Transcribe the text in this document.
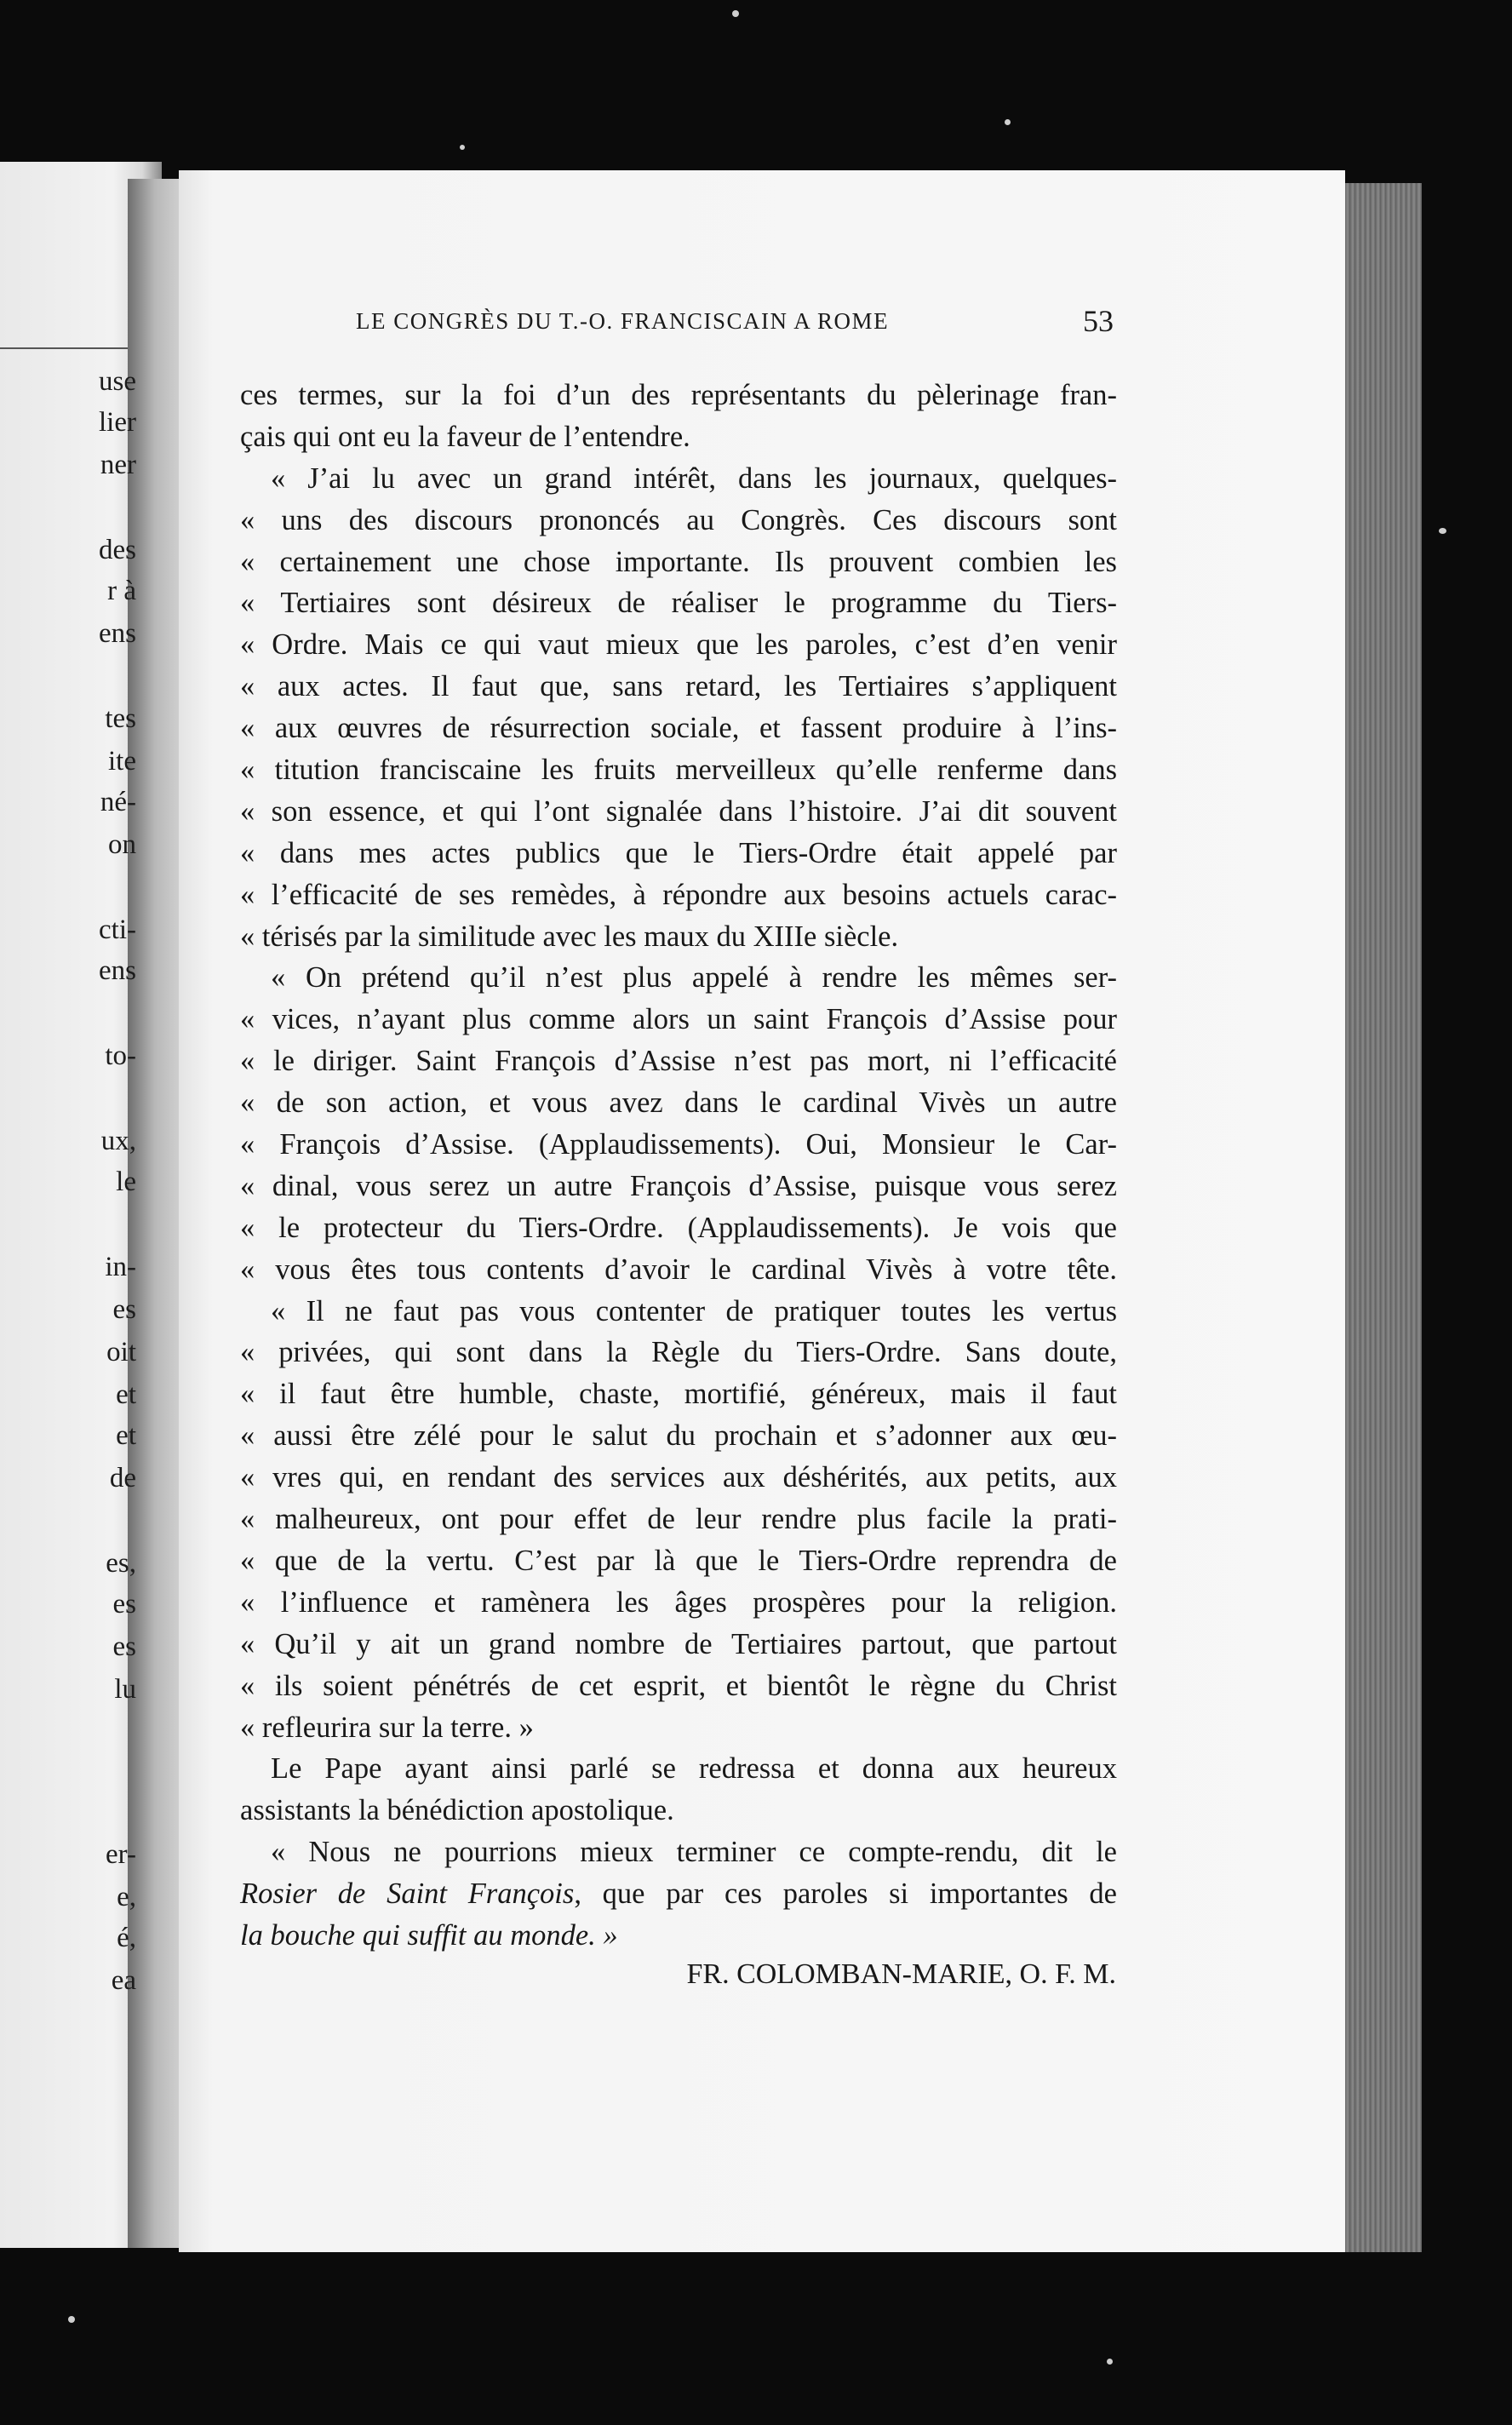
use
lier
ner
des
r à
ens
tes
ite
né-
on
cti-
ens
to-
ux,
le
in-
es
oit
et
et
de
es,
es
es
lu
er-
e,
é,
ea
LE CONGRÈS DU T.-O. FRANCISCAIN A ROME	53
ces termes, sur la foi d’un des représentants du pèlerinage fran-
çais qui ont eu la faveur de l’entendre.
« J’ai lu avec un grand intérêt, dans les journaux, quelques-
« uns des discours prononcés au Congrès. Ces discours sont
« certainement une chose importante. Ils prouvent combien les
« Tertiaires sont désireux de réaliser le programme du Tiers-
« Ordre. Mais ce qui vaut mieux que les paroles, c’est d’en venir
« aux actes. Il faut que, sans retard, les Tertiaires s’appliquent
« aux œuvres de résurrection sociale, et fassent produire à l’ins-
« titution franciscaine les fruits merveilleux qu’elle renferme dans
« son essence, et qui l’ont signalée dans l’histoire. J’ai dit souvent
« dans mes actes publics que le Tiers-Ordre était appelé par
« l’efficacité de ses remèdes, à répondre aux besoins actuels carac-
« térisés par la similitude avec les maux du XIIIe siècle.
« On prétend qu’il n’est plus appelé à rendre les mêmes ser-
« vices, n’ayant plus comme alors un saint François d’Assise pour
« le diriger. Saint François d’Assise n’est pas mort, ni l’efficacité
« de son action, et vous avez dans le cardinal Vivès un autre
« François d’Assise. (Applaudissements). Oui, Monsieur le Car-
« dinal, vous serez un autre François d’Assise, puisque vous serez
« le protecteur du Tiers-Ordre. (Applaudissements). Je vois que
« vous êtes tous contents d’avoir le cardinal Vivès à votre tête.
« Il ne faut pas vous contenter de pratiquer toutes les vertus
« privées, qui sont dans la Règle du Tiers-Ordre. Sans doute,
« il faut être humble, chaste, mortifié, généreux, mais il faut
« aussi être zélé pour le salut du prochain et s’adonner aux œu-
« vres qui, en rendant des services aux déshérités, aux petits, aux
« malheureux, ont pour effet de leur rendre plus facile la prati-
« que de la vertu. C’est par là que le Tiers-Ordre reprendra de
« l’influence et ramènera les âges prospères pour la religion.
« Qu’il y ait un grand nombre de Tertiaires partout, que partout
« ils soient pénétrés de cet esprit, et bientôt le règne du Christ
« refleurira sur la terre. »
Le Pape ayant ainsi parlé se redressa et donna aux heureux
assistants la bénédiction apostolique.
« Nous ne pourrions mieux terminer ce compte-rendu, dit le
Rosier de Saint François, que par ces paroles si importantes de
la bouche qui suffit au monde. »
FR. COLOMBAN-MARIE, O. F. M.
